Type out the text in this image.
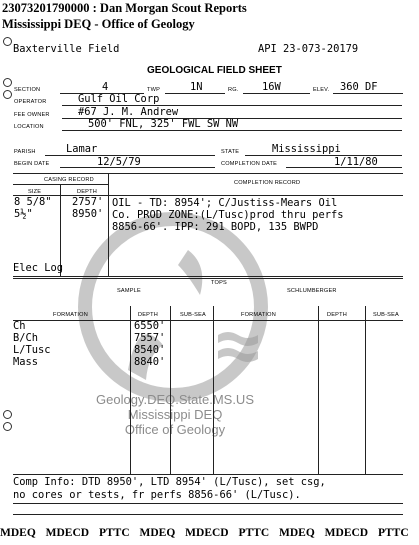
23073201790000 : Dan Morgan Scout Reports
Mississippi DEQ - Office of Geology
Geology.DEQ.State.MS.US
Mississippi DEQ
Office of Geology
Baxterville Field	API 23-073-20179
GEOLOGICAL FIELD SHEET
SECTION	4	TWP	1N	RG. 16W	ELEV. 360 DF
OPERATOR	Gulf Oil Corp
FEE OWNER	#67 J. M. Andrew
LOCATION	500' FNL, 325' FWL SW NW
PARISH	Lamar	STATE	Mississippi
BEGIN DATE	12/5/79	COMPLETION DATE	1/11/80
CASING RECORD	COMPLETION RECORD
SIZE	DEPTH
8 5/8" 2757'
5½"	8950'
OIL - TD: 8954'; C/Justiss-Mears Oil
Co. PROD ZONE:(L/Tusc)prod thru perfs
8856-66'. IPP: 291 BOPD, 135 BWPD
TOPS
Elec Log
SAMPLE	SCHLUMBERGER
FORMATION	DEPTH	SUB-SEA	FORMATION	DEPTH	SUB-SEA
Ch	6550'
B/Ch	7557'
L/Tusc	8540'
Mass	8840'
Comp Info: DTD 8950', LTD 8954' (L/Tusc), set csg,
no cores or tests, fr perfs 8856-66' (L/Tusc).
MDEQ MDECD PTTC MDEQ MDECD PTTC MDEQ MDECD PTTC
